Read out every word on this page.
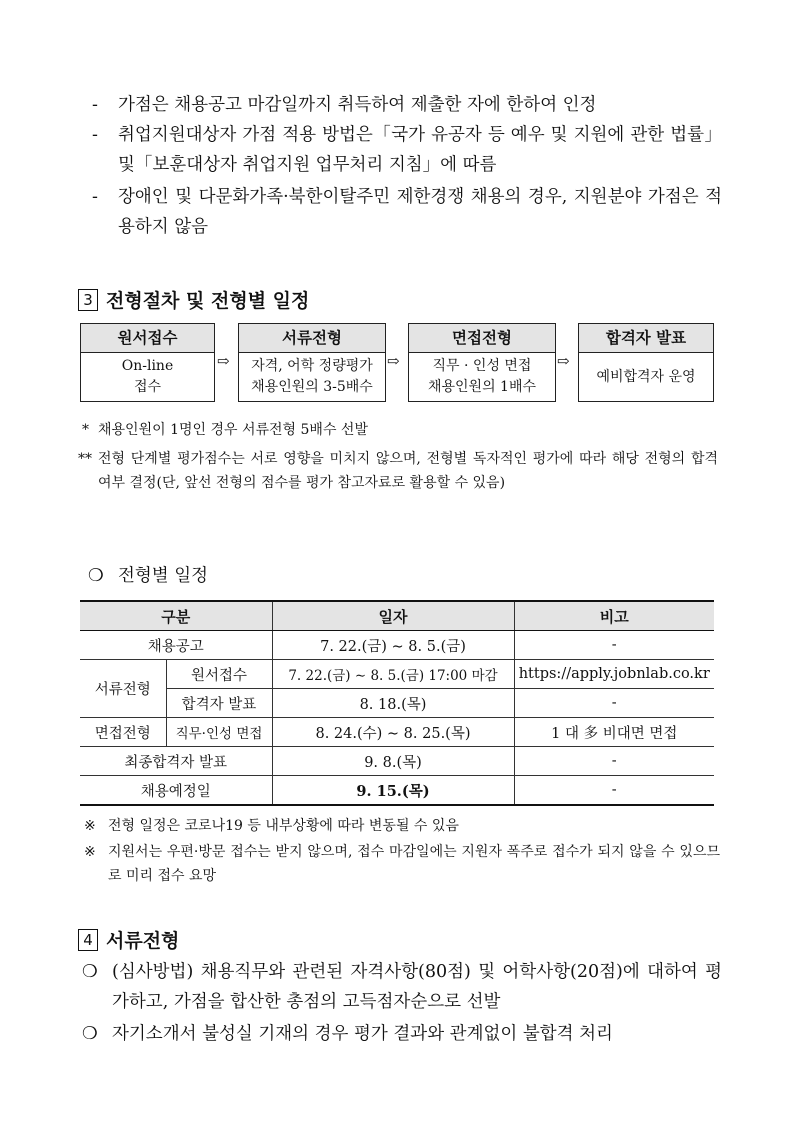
-	가점은 채용공고 마감일까지 취득하여 제출한 자에 한하여 인정
-	취업지원대상자 가점 적용 방법은「국가 유공자 등 예우 및 지원에 관한 법률」및「보훈대상자 취업지원 업무처리 지침」에 따름
-	장애인 및 다문화가족·북한이탈주민 제한경쟁 채용의 경우, 지원분야 가점은 적용하지 않음
3 전형절차 및 전형별 일정
원서접수
On-line
접수
⇨
서류전형
자격, 어학 정량평가
채용인원의 3-5배수
⇨
면접전형
직무 · 인성 면접
채용인원의 1배수
⇨
합격자 발표
예비합격자 운영
* 채용인원이 1명인 경우 서류전형 5배수 선발
** 전형 단계별 평가점수는 서로 영향을 미치지 않으며, 전형별 독자적인 평가에 따라 해당 전형의 합격 여부 결정(단, 앞선 전형의 점수를 평가 참고자료로 활용할 수 있음)
❍ 전형별 일정
구분		일자	비고
채용공고		7. 22.(금) ∼ 8. 5.(금)	-
서류전형	원서접수	7. 22.(금) ∼ 8. 5.(금) 17:00 마감	https://apply.jobnlab.co.kr
	합격자 발표	8. 18.(목)	-
면접전형	직무·인성 면접	8. 24.(수) ∼ 8. 25.(목)	1 대 多 비대면 면접
최종합격자 발표		9. 8.(목)	-
채용예정일		9. 15.(목)	-
※ 전형 일정은 코로나19 등 내부상황에 따라 변동될 수 있음
※ 지원서는 우편·방문 접수는 받지 않으며, 접수 마감일에는 지원자 폭주로 접수가 되지 않을 수 있으므로 미리 접수 요망
4 서류전형
❍ (심사방법) 채용직무와 관련된 자격사항(80점) 및 어학사항(20점)에 대하여 평가하고, 가점을 합산한 총점의 고득점자순으로 선발
❍ 자기소개서 불성실 기재의 경우 평가 결과와 관계없이 불합격 처리
